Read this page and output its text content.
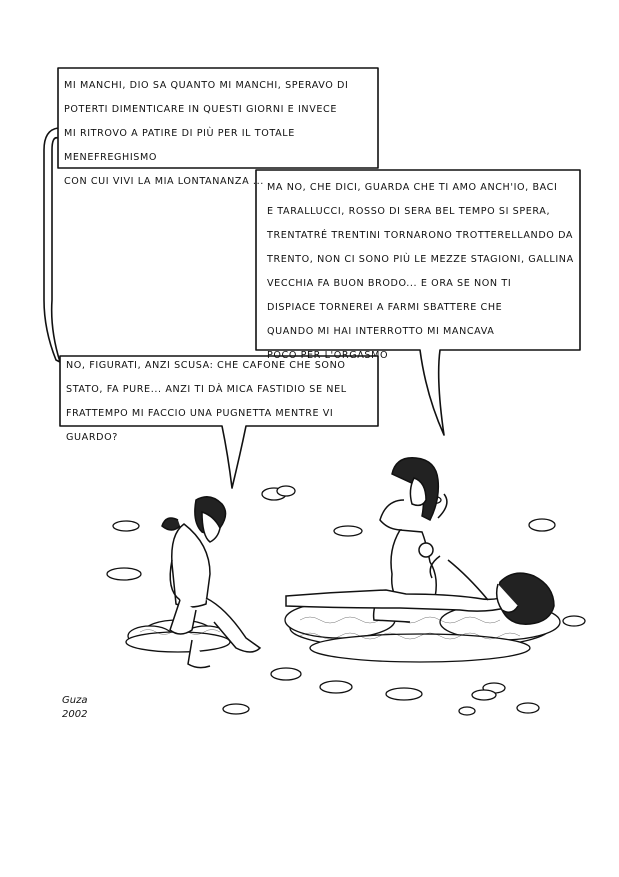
MI MANCHI, DIO SA QUANTO MI MANCHI, SPERAVO DI
POTERTI DIMENTICARE IN QUESTI GIORNI E INVECE
MI RITROVO A PATIRE DI PIÙ PER IL TOTALE MENEFREGHISMO
CON CUI VIVI LA MIA LONTANANZA ...
MA NO, CHE DICI, GUARDA CHE TI AMO ANCH'IO, BACI
E TARALLUCCI, ROSSO DI SERA BEL TEMPO SI SPERA,
TRENTATRÉ TRENTINI TORNARONO TROTTERELLANDO DA
TRENTO, NON CI SONO PIÙ LE MEZZE STAGIONI, GALLINA
VECCHIA FA BUON BRODO... E ORA SE NON TI
DISPIACE TORNEREI A FARMI SBATTERE CHE
QUANDO MI HAI INTERROTTO MI MANCAVA
POCO PER L'ORGASMO
NO, FIGURATI, ANZI SCUSA: CHE CAFONE CHE SONO
STATO, FA PURE... ANZI TI DÀ MICA FASTIDIO SE NEL
FRATTEMPO MI FACCIO UNA PUGNETTA MENTRE VI GUARDO?
Guza
2002
